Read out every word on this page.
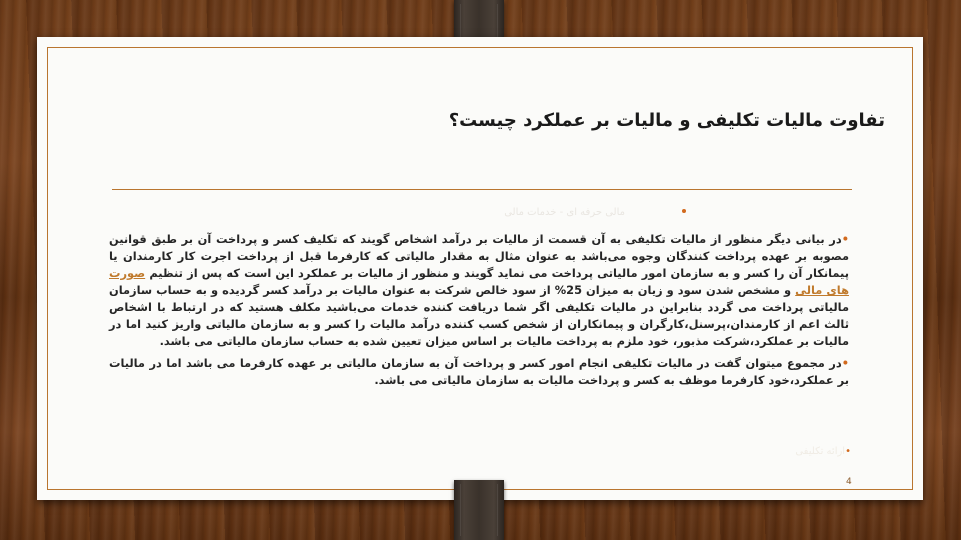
تفاوت مالیات تکلیفی و مالیات بر عملکرد چیست؟
مالی حرفه ای - خدمات مالی

•در بیانی دیگر منظور از مالیات تکلیفی به آن قسمت از مالیات بر درآمد اشخاص گویند که تکلیف کسر و پرداخت آن بر طبق قوانین مصوبه بر عهده پرداخت کنندگان وجوه می‌باشد به عنوان مثال به مقدار مالیاتی که کارفرما قبل از پرداخت اجرت کار کارمندان یا پیمانکار آن را کسر و به سازمان امور مالیاتی پرداخت می نماید گویند و منظور از مالیات بر عملکرد این است که پس از تنظیم صورت های مالی و مشخص شدن سود و زیان به میزان 25% از سود خالص شرکت به عنوان مالیات بر درآمد کسر گردیده و به حساب سازمان مالیاتی پرداخت می گردد بنابراین در مالیات تکلیفی اگر شما دریافت کننده خدمات می‌باشید مکلف هستید که در ارتباط با اشخاص ثالث اعم از کارمندان،پرسنل،کارگران و پیمانکاران از شخص کسب کننده درآمد مالیات را کسر و به سازمان مالیاتی واریز کنید اما در مالیات بر عملکرد،شرکت مذبور، خود ملزم به پرداخت مالیات بر اساس میزان تعیین شده به حساب سازمان مالیاتی می باشد.

•در مجموع میتوان گفت در مالیات تکلیفی انجام امور کسر و پرداخت آن به سازمان مالیاتی بر عهده کارفرما می باشد اما در مالیات بر عملکرد،خود کارفرما موظف به کسر و پرداخت مالیات به سازمان مالیاتی می باشد.

•ارائه تکلیفی
4
